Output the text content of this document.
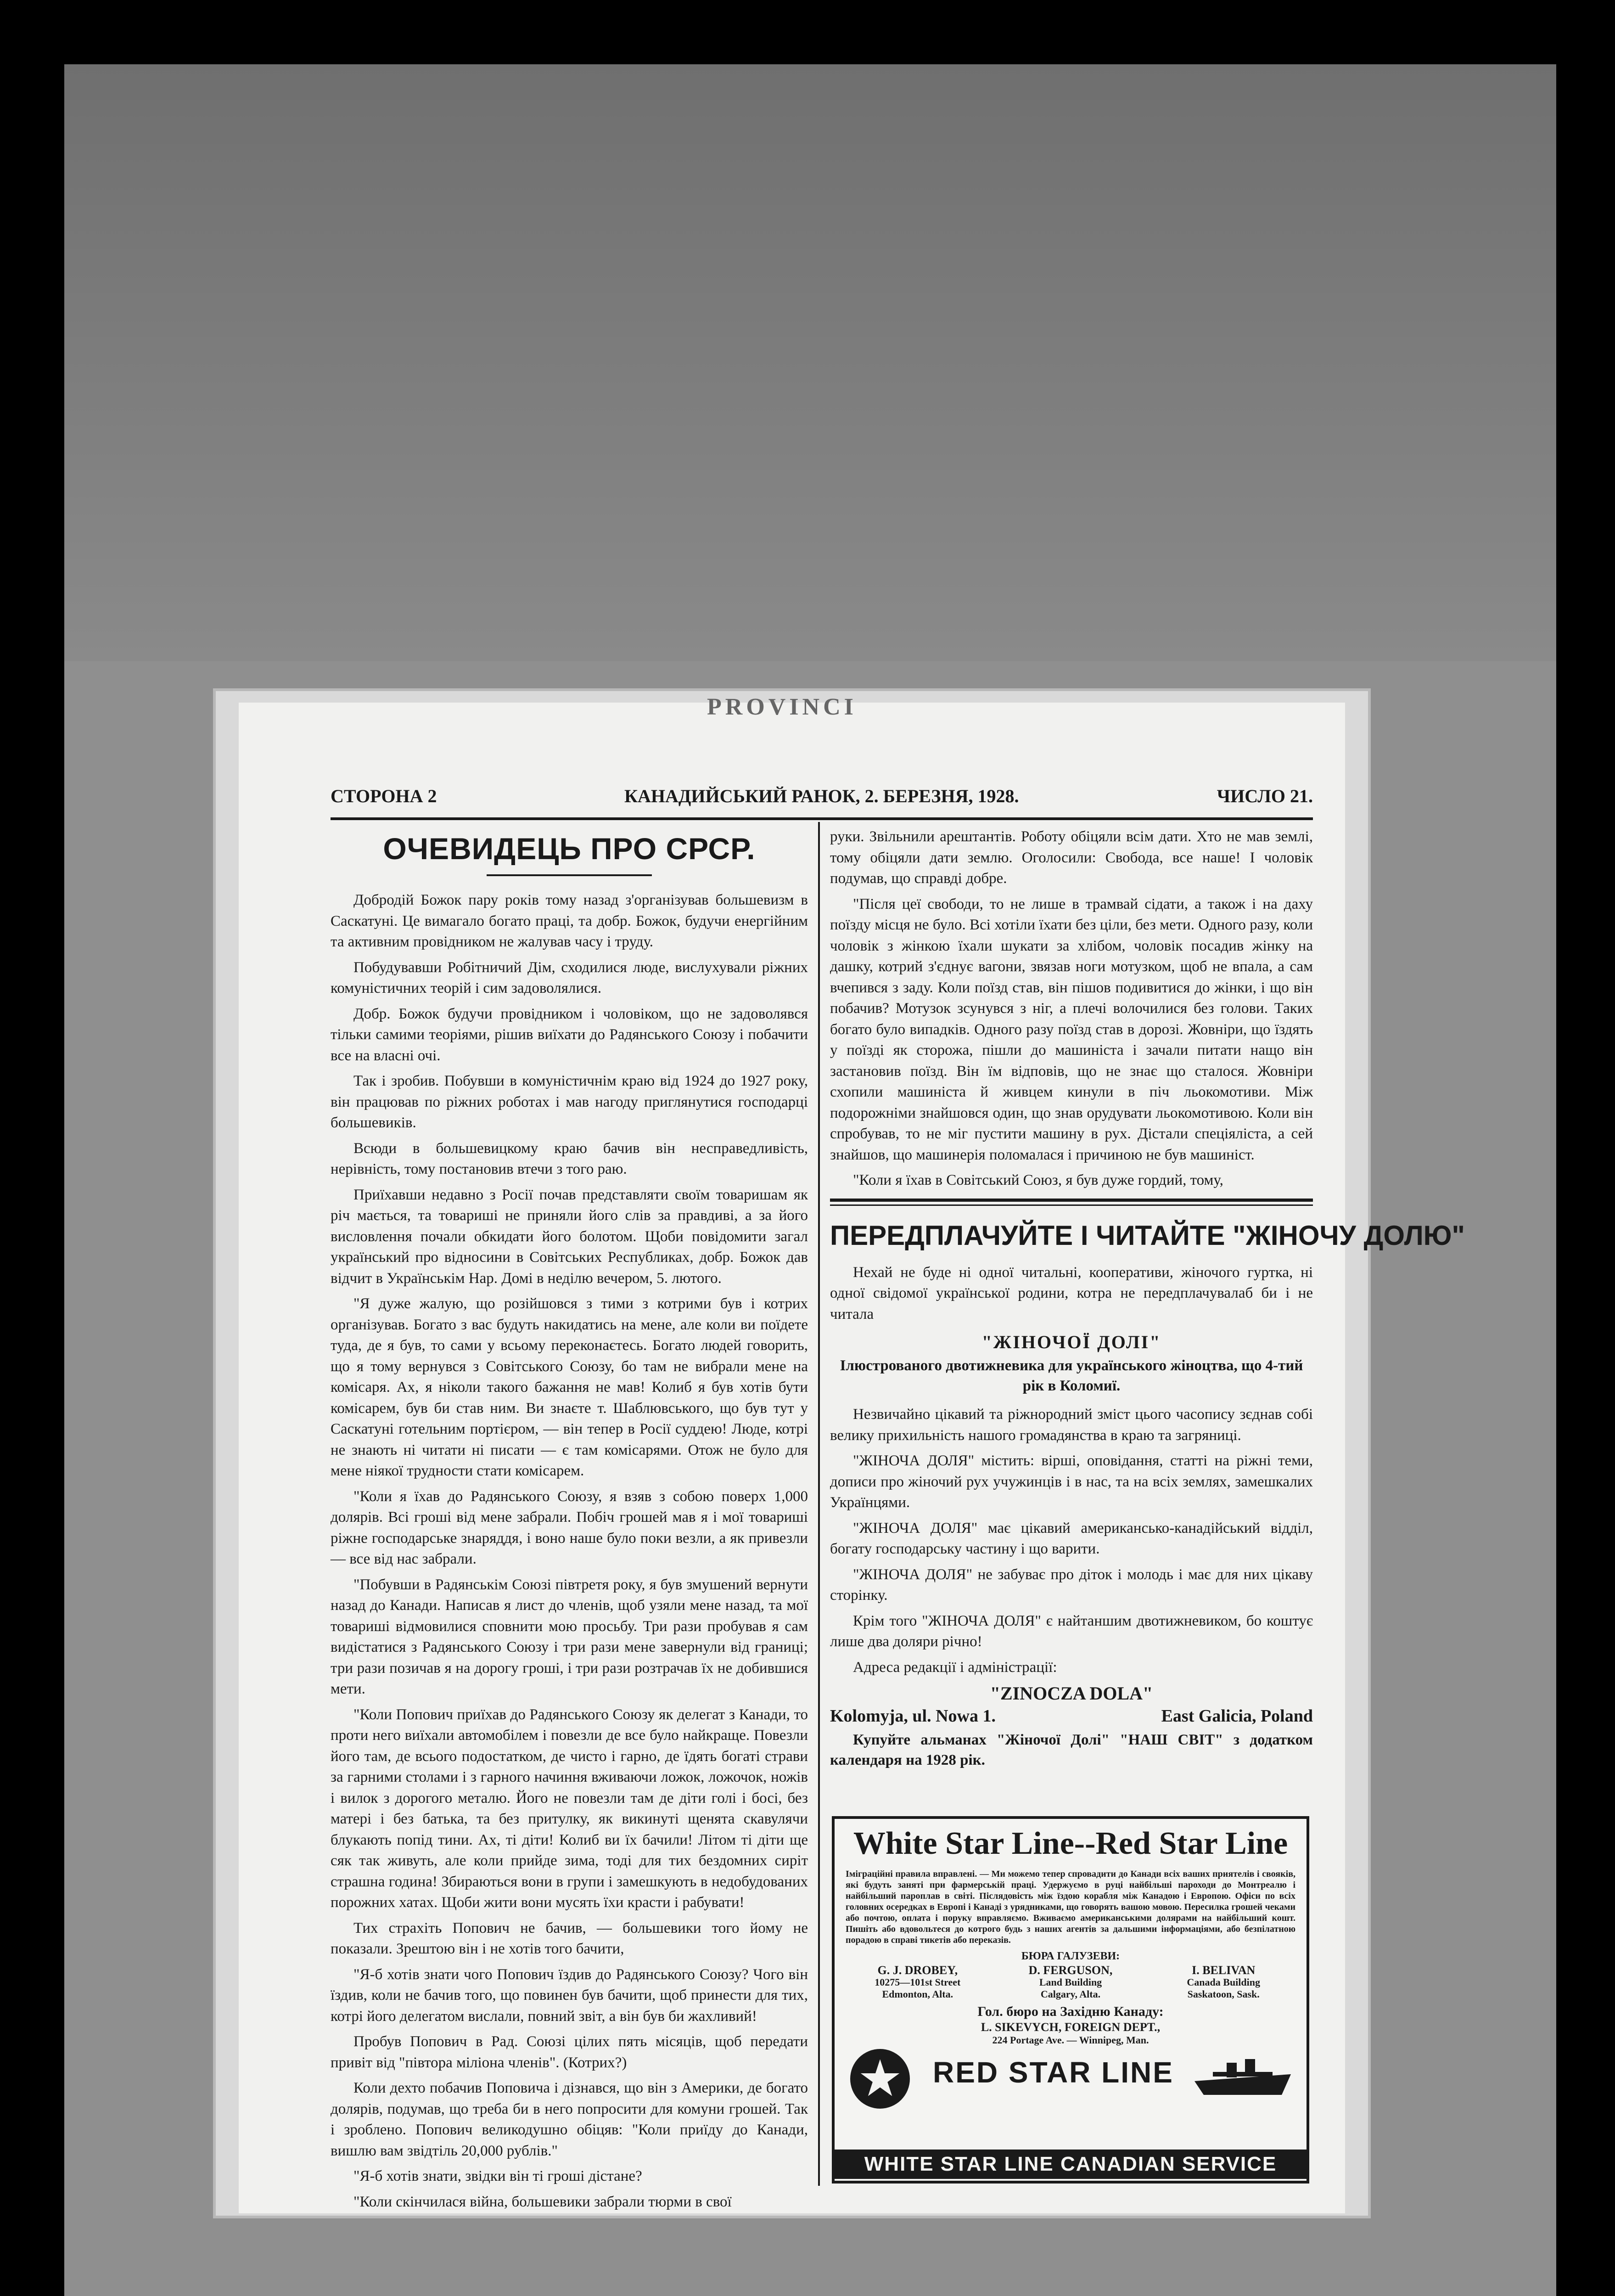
PROVINCI
СТОРОНА 2	КАНАДИЙСЬКИЙ РАНОК, 2. БЕРЕЗНЯ, 1928.	ЧИСЛО 21.
ОЧЕВИДЕЦЬ ПРО СРСР.

Добродій Божок пару років тому назад з'організував большевизм в Саскатуні. Це вимагало богато праці, та добр. Божок, будучи енергійним та активним провідником не жалував часу і труду.

Побудувавши Робітничий Дім, сходилися люде, вислухували ріжних комуністичних теорій і сим задоволялися.

Добр. Божок будучи провідником і чоловіком, що не задоволявся тільки самими теоріями, рішив виїхати до Радянського Союзу і побачити все на власні очі.

Так і зробив. Побувши в комуністичнім краю від 1924 до 1927 року, він працював по ріжних роботах і мав нагоду приглянутися господарці большевиків.

Всюди в большевицкому краю бачив він несправедливість, нерівність, тому постановив втечи з того раю.

Приїхавши недавно з Росії почав представляти своїм товаришам як річ мається, та товариші не приняли його слів за правдиві, а за його висловлення почали обкидати його болотом. Щоби повідомити загал український про відносини в Совітських Республиках, добр. Божок дав відчит в Українськім Нар. Домі в неділю вечером, 5. лютого.

"Я дуже жалую, що розійшовся з тими з котрими був і котрих організував. Богато з вас будуть накидатись на мене, але коли ви поїдете туда, де я був, то сами у всьому переконаєтесь. Богато людей говорить, що я тому вернувся з Совітського Союзу, бо там не вибрали мене на комісаря. Ах, я ніколи такого бажання не мав! Колиб я був хотів бути комісарем, був би став ним. Ви знаєте т. Шаблювського, що був тут у Саскатуні готельним портієром, — він тепер в Росії суддею! Люде, котрі не знають ні читати ні писати — є там комісарями. Отож не було для мене ніякої трудности стати комісарем.

"Коли я їхав до Радянського Союзу, я взяв з собою поверх 1,000 долярів. Всі гроші від мене забрали. Побіч грошей мав я і мої товариші ріжне господарське знаряддя, і воно наше було поки везли, а як привезли — все від нас забрали.

"Побувши в Радянськім Союзі півтретя року, я був змушений вернути назад до Канади. Написав я лист до членів, щоб узяли мене назад, та мої товариші відмовилися сповнити мою просьбу. Три рази пробував я сам видістатися з Радянського Союзу і три рази мене завернули від границі; три рази позичав я на дорогу гроші, і три рази розтрачав їх не добившися мети.

"Коли Попович приїхав до Радянського Союзу як делегат з Канади, то проти него виїхали автомобілем і повезли де все було найкраще. Повезли його там, де всього подостатком, де чисто і гарно, де їдять богаті страви за гарними столами і з гарного начиння вживаючи ложок, ложочок, ножів і вилок з дорогого металю. Його не повезли там де діти голі і босі, без матері і без батька, та без притулку, як викинуті щенята скавулячи блукають попід тини. Ах, ті діти! Колиб ви їх бачили! Літом ті діти ще сяк так живуть, але коли прийде зима, тоді для тих бездомних сиріт страшна година! Збираються вони в групи і замешкують в недобудованих порожних хатах. Щоби жити вони мусять їхи красти і рабувати!

Тих страхіть Попович не бачив, — большевики того йому не показали. Зрештою він і не хотів того бачити,

"Я-б хотів знати чого Попович їздив до Радянського Союзу? Чого він їздив, коли не бачив того, що повинен був бачити, щоб принести для тих, котрі його делегатом вислали, повний звіт, а він був би жахливий!

Пробув Попович в Рад. Союзі цілих пять місяців, щоб передати привіт від "півтора міліона членів". (Котрих?)

Коли дехто побачив Поповича і дізнався, що він з Америки, де богато долярів, подумав, що треба би в него попросити для комуни грошей. Так і зроблено. Попович великодушно обіцяв: "Коли приїду до Канади, вишлю вам звідтіль 20,000 рублів."

"Я-б хотів знати, звідки він ті гроші дістане?

"Коли скінчилася війна, большевики забрали тюрми в свої

руки. Звільнили арештантів. Роботу обіцяли всім дати. Хто не мав землі, тому обіцяли дати землю. Оголосили: Свобода, все наше! І чоловік подумав, що справді добре.

"Після цеї свободи, то не лише в трамвай сідати, а також і на даху поїзду місця не було. Всі хотіли їхати без ціли, без мети. Одного разу, коли чоловік з жінкою їхали шукати за хлібом, чоловік посадив жінку на дашку, котрий з'єднує вагони, звязав ноги мотузком, щоб не впала, а сам вчепився з заду. Коли поїзд став, він пішов подивитися до жінки, і що він побачив? Мотузок зсунувся з ніг, а плечі волочилися без голови. Таких богато було випадків. Одного разу поїзд став в дорозі. Жовніри, що їздять у поїзді як сторожа, пішли до машиніста і зачали питати нащо він застановив поїзд. Він їм відповів, що не знає що сталося. Жовніри схопили машиніста й живцем кинули в піч льокомотиви. Між подорожніми знайшовся один, що знав орудувати льокомотивою. Коли він спробував, то не міг пустити машину в рух. Дістали спеціяліста, а сей знайшов, що машинерія поломалася і причиною не був машиніст.

"Коли я їхав в Совітський Союз, я був дуже гордий, тому,

ПЕРЕДПЛАЧУЙТЕ І ЧИТАЙТЕ "ЖІНОЧУ ДОЛЮ"

Нехай не буде ні одної читальні, кооперативи, жіночого гуртка, ні одної свідомої української родини, котра не передплачувалаб би і не читала

"ЖІНОЧОЇ ДОЛІ"
Ілюстрованого двотижневика для українського жіноцтва, що 4-тий рік в Коломиї.

Незвичайно цікавий та ріжнородний зміст цього часопису зєднав собі велику прихильність нашого громадянства в краю та загряниці.

"ЖІНОЧА ДОЛЯ" містить: вірші, оповідання, статті на ріжні теми, дописи про жіночий рух учужинців і в нас, та на всіх землях, замешкалих Українцями.

"ЖІНОЧА ДОЛЯ" має цікавий американсько-канадійський відділ, богату господарську частину і що варити.

"ЖІНОЧА ДОЛЯ" не забуває про діток і молодь і має для них цікаву сторінку.

Крім того "ЖІНОЧА ДОЛЯ" є найтаншим двотижневиком, бо коштує лише два доляри річно!

Адреса редакції і адміністрації:

"ZINOCZA DOLA"
Kolomyja, ul. Nowa 1.	East Galicia, Poland

Купуйте альманах "Жіночої Долі" "НАШ СВІТ" з додатком календаря на 1928 рік.

White Star Line--Red Star Line
Іміграційні правила вправлені. — Ми можемо тепер спровадити до Канади всіх ваших приятелів і свояків, які будуть заняті при фармерській праці. Удержуємо в руці найбільші пароходи до Монтреалю і найбільший пароплав в світі. Післядовість між їздою корабля між Канадою і Европою. Офіси по всіх головних осередках в Европі і Канаді з урядниками, що говорять вашою мовою. Пересилка грошей чеками або почтою, оплата і поруку вправляємо. Вживаємо американськими долярами на найбільший кошт. Пишіть або вдовольтеся до котрого будь з наших агентів за дальшими інформаціями, або безпілатною порадою в справі тикетів або переказів.
БЮРА ГАЛУЗЕВИ:
G. J. DROBEY,
10275—101st Street
Edmonton, Alta.
D. FERGUSON,
Land Building
Calgary, Alta.
I. BELIVAN
Canada Building
Saskatoon, Sask.
Гол. бюро на Західню Канаду:
L. SIKEVYCH, FOREIGN DEPT.,
224 Portage Ave. — Winnipeg, Man.
★ RED STAR LINE
WHITE STAR LINE CANADIAN SERVICE
